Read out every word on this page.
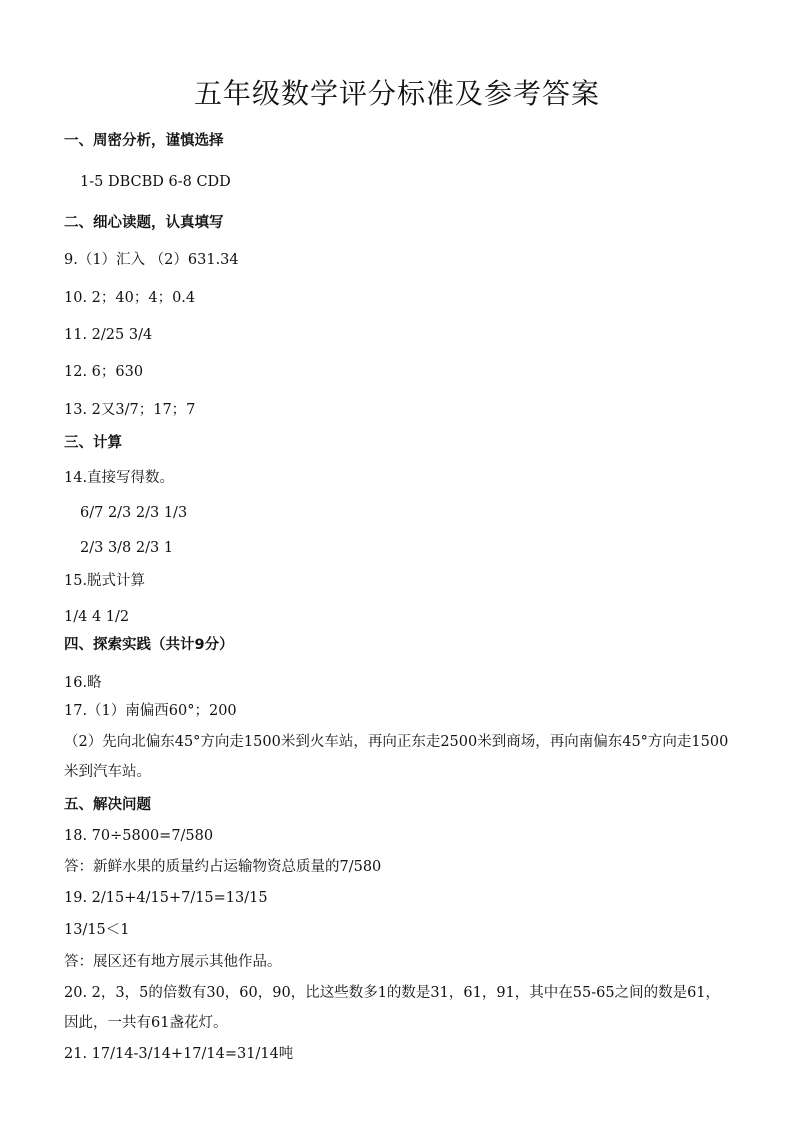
五年级数学评分标准及参考答案
一、周密分析，谨慎选择
1-5 DBCBD 6-8 CDD
二、细心读题，认真填写
9.（1）汇入 （2）631.34
10. 2；40；4；0.4
11. 2/25 3/4
12. 6；630
13. 2又3/7；17；7
三、计算
14.直接写得数。
6/7 2/3 2/3 1/3
2/3 3/8 2/3 1
15.脱式计算
1/4 4 1/2
四、探索实践（共计9分）
16.略
17.（1）南偏西60°；200
（2）先向北偏东45°方向走1500米到火车站，再向正东走2500米到商场，再向南偏东45°方向走1500米到汽车站。
五、解决问题
18. 70÷5800=7/580
答：新鲜水果的质量约占运输物资总质量的7/580
19. 2/15+4/15+7/15=13/15
13/15＜1
答：展区还有地方展示其他作品。
20. 2，3，5的倍数有30，60，90，比这些数多1的数是31，61，91，其中在55-65之间的数是61，因此，一共有61盏花灯。
21. 17/14-3/14+17/14=31/14吨
